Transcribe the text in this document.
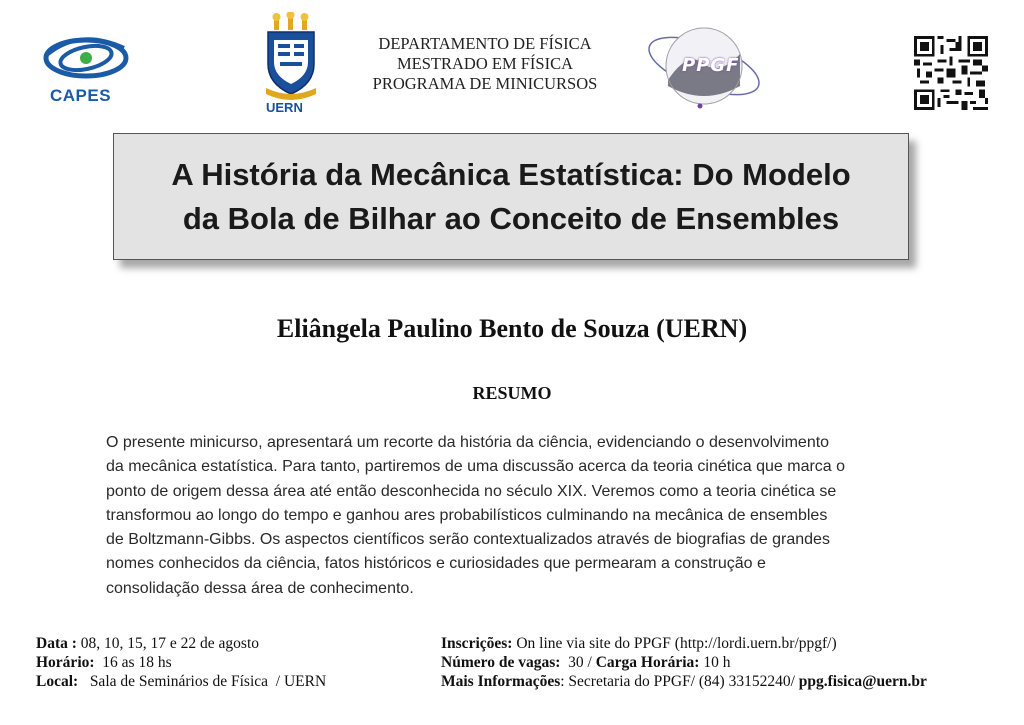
CAPES
UERN
DEPARTAMENTO DE FÍSICA
MESTRADO EM FÍSICA
PROGRAMA DE MINICURSOS
PPGF
A História da Mecânica Estatística: Do Modelo
da Bola de Bilhar ao Conceito de Ensembles
Eliângela Paulino Bento de Souza (UERN)
RESUMO
O presente minicurso, apresentará um recorte da história da ciência, evidenciando o desenvolvimento
da mecânica estatística. Para tanto, partiremos de uma discussão acerca da teoria cinética que marca o
ponto de origem dessa área até então desconhecida no século XIX. Veremos como a teoria cinética se
transformou ao longo do tempo e ganhou ares probabilísticos culminando na mecânica de ensembles
de Boltzmann-Gibbs. Os aspectos científicos serão contextualizados através de biografias de grandes
nomes conhecidos da ciência, fatos históricos e curiosidades que permearam a construção e
consolidação dessa área de conhecimento.
Data : 08, 10, 15, 17 e 22 de agosto
Horário:  16 as 18 hs
Local:   Sala de Seminários de Física  / UERN
Inscrições: On line via site do PPGF (http://lordi.uern.br/ppgf/)
Número de vagas:  30 / Carga Horária: 10 h
Mais Informações: Secretaria do PPGF/ (84) 33152240/ ppg.fisica@uern.br
